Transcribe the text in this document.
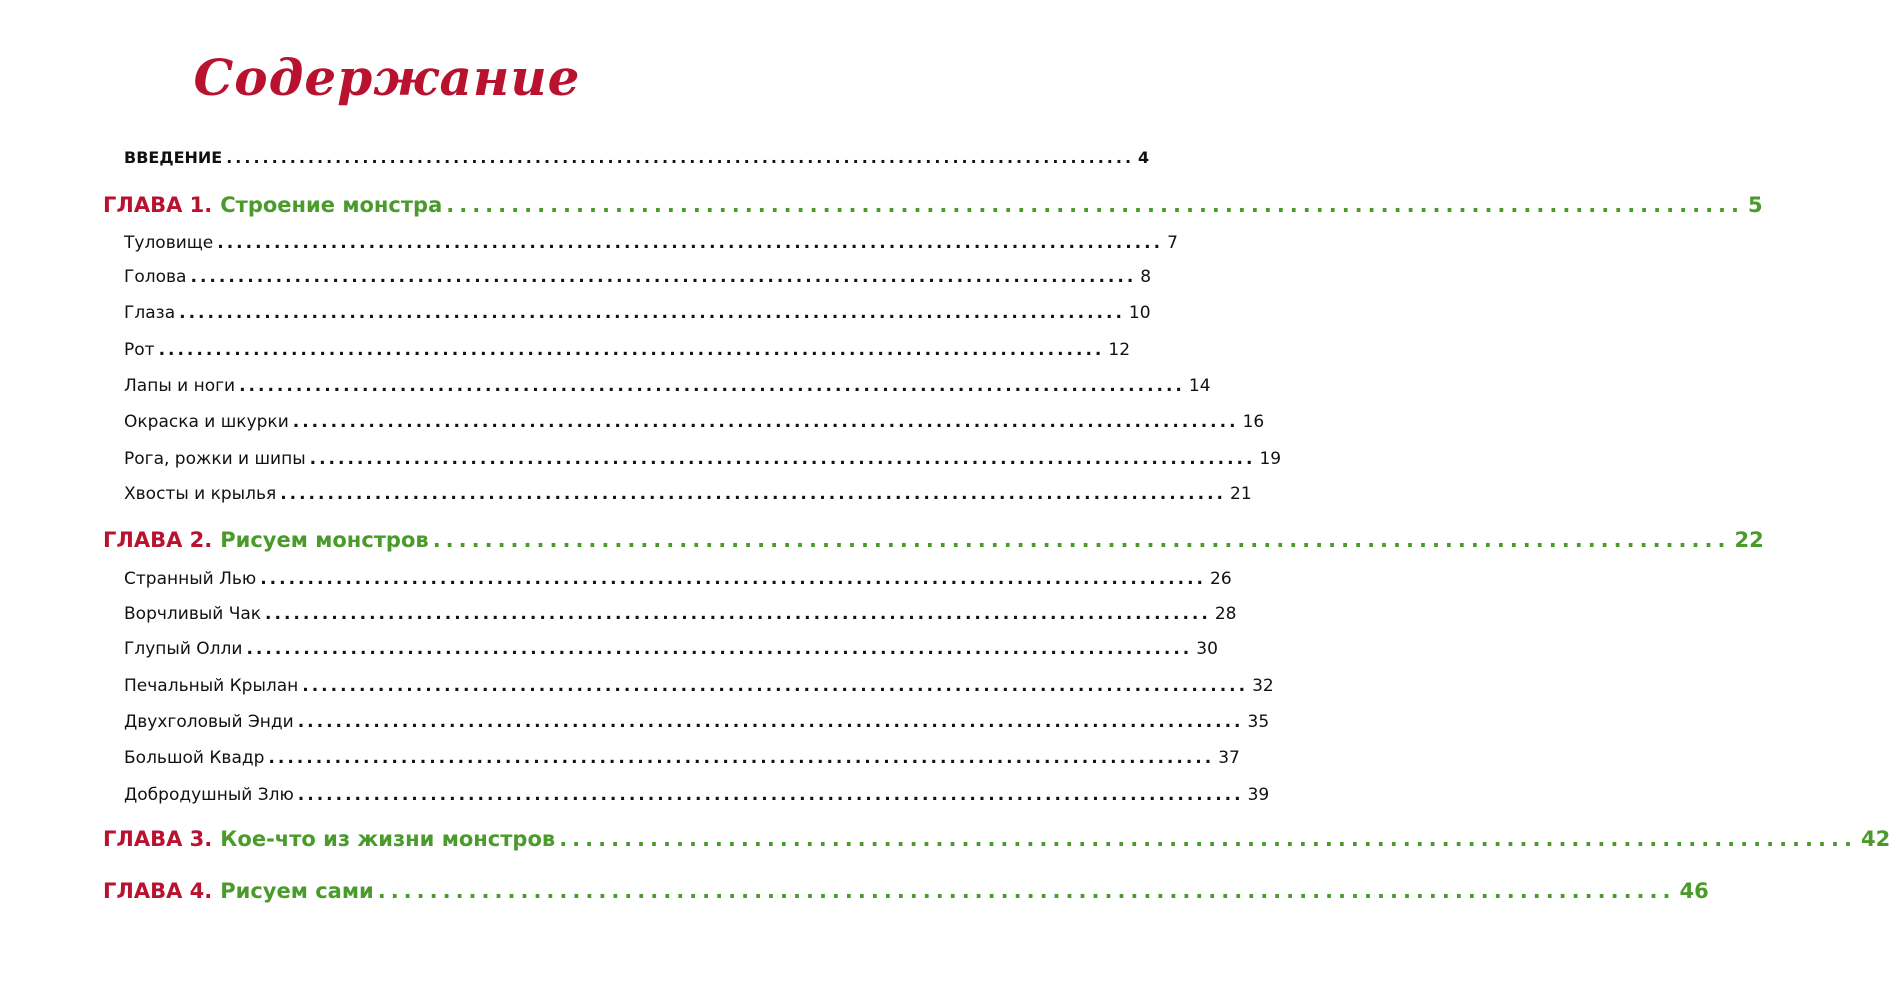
Содержание
ВВЕДЕНИЕ .................................................................................................... 4
ГЛАВА 1. Строение монстра .................................................................................................... 5
Туловище .................................................................................................... 7
Голова .................................................................................................... 8
Глаза .................................................................................................... 10
Рот .................................................................................................... 12
Лапы и ноги .................................................................................................... 14
Окраска и шкурки .................................................................................................... 16
Рога, рожки и шипы .................................................................................................... 19
Хвосты и крылья .................................................................................................... 21
ГЛАВА 2. Рисуем монстров .................................................................................................... 22
Странный Лью .................................................................................................... 26
Ворчливый Чак .................................................................................................... 28
Глупый Олли .................................................................................................... 30
Печальный Крылан .................................................................................................... 32
Двухголовый Энди .................................................................................................... 35
Большой Квадр .................................................................................................... 37
Добродушный Злю .................................................................................................... 39
ГЛАВА 3. Кое-что из жизни монстров .................................................................................................... 42
ГЛАВА 4. Рисуем сами .................................................................................................... 46
